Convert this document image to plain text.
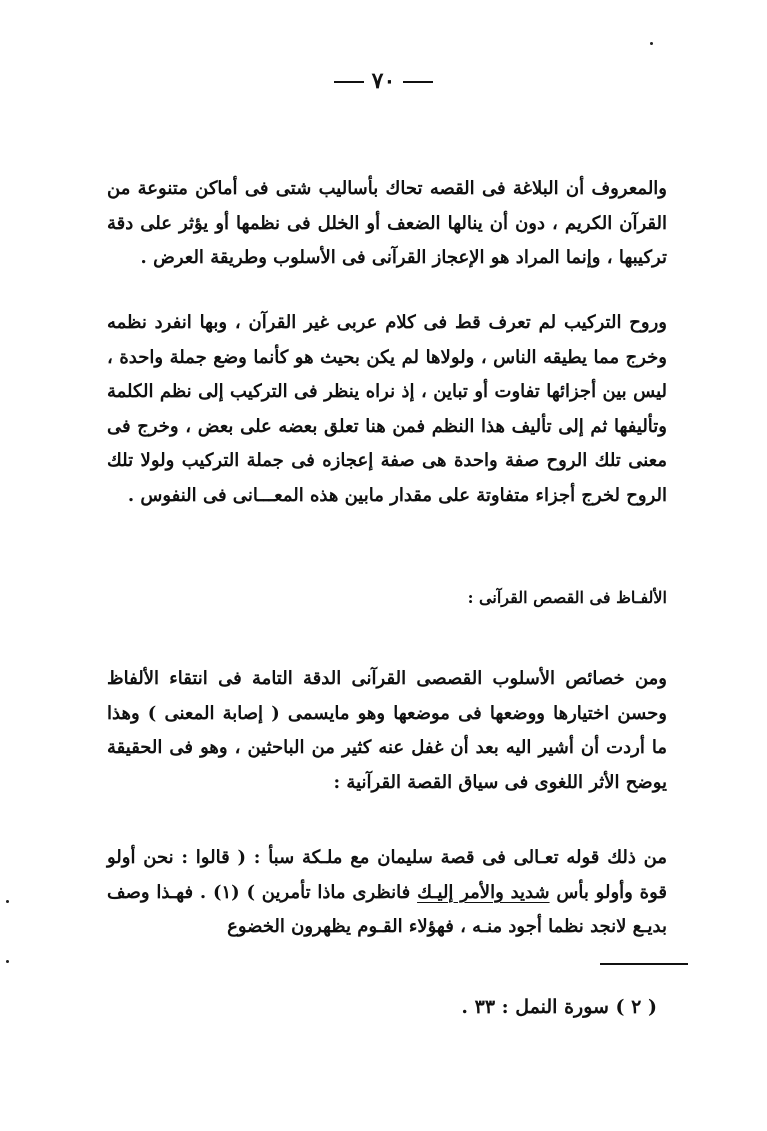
٧٠

والمعروف أن البلاغة فى القصه تحاك بأساليب شتى فى أماكن متنوعة من القرآن الكريم ، دون أن ينالها الضعف أو الخلل فى نظمها أو يؤثر على دقة تركيبها ، وإنما المراد هو الإعجاز القرآنى فى الأسلوب وطريقة العرض .

وروح التركيب لم تعرف قط فى كلام عربى غير القرآن ، وبها انفرد نظمه وخرج مما يطيقه الناس ، ولولاها لم يكن بحيث هو كأنما وضع جملة واحدة ، ليس بين أجزائها تفاوت أو تباين ، إذ نراه ينظر فى التركيب إلى نظم الكلمة وتأليفها ثم إلى تأليف هذا النظم فمن هنا تعلق بعضه على بعض ، وخرج فى معنى تلك الروح صفة واحدة هى صفة إعجازه فى جملة التركيب ولولا تلك الروح لخرج أجزاء متفاوتة على مقدار مابين هذه المعـــانى فى النفوس .

الألفـاظ فى القصص القرآنى :

ومن خصائص الأسلوب القصصى القرآنى الدقة التامة فى انتقاء الألفاظ وحسن اختيارها ووضعها فى موضعها وهو مايسمى ( إصابة المعنى ) وهذا ما أردت أن أشير اليه بعد أن غفل عنه كثير من الباحثين ، وهو فى الحقيقة يوضح الأثر اللغوى فى سياق القصة القرآنية :

من ذلك قوله تعـالى فى قصة سليمان مع ملـكة سبأ : ( قالوا : نحن أولو قوة وأولو بأس شديد والأمر إليـك فانظرى ماذا تأمرين ) (١) . فهـذا وصف بديـع لانجد نظما أجود منـه ، فهؤلاء القـوم يظهرون الخضوع

( ٢ ) سورة النمل : ٣٣ .
